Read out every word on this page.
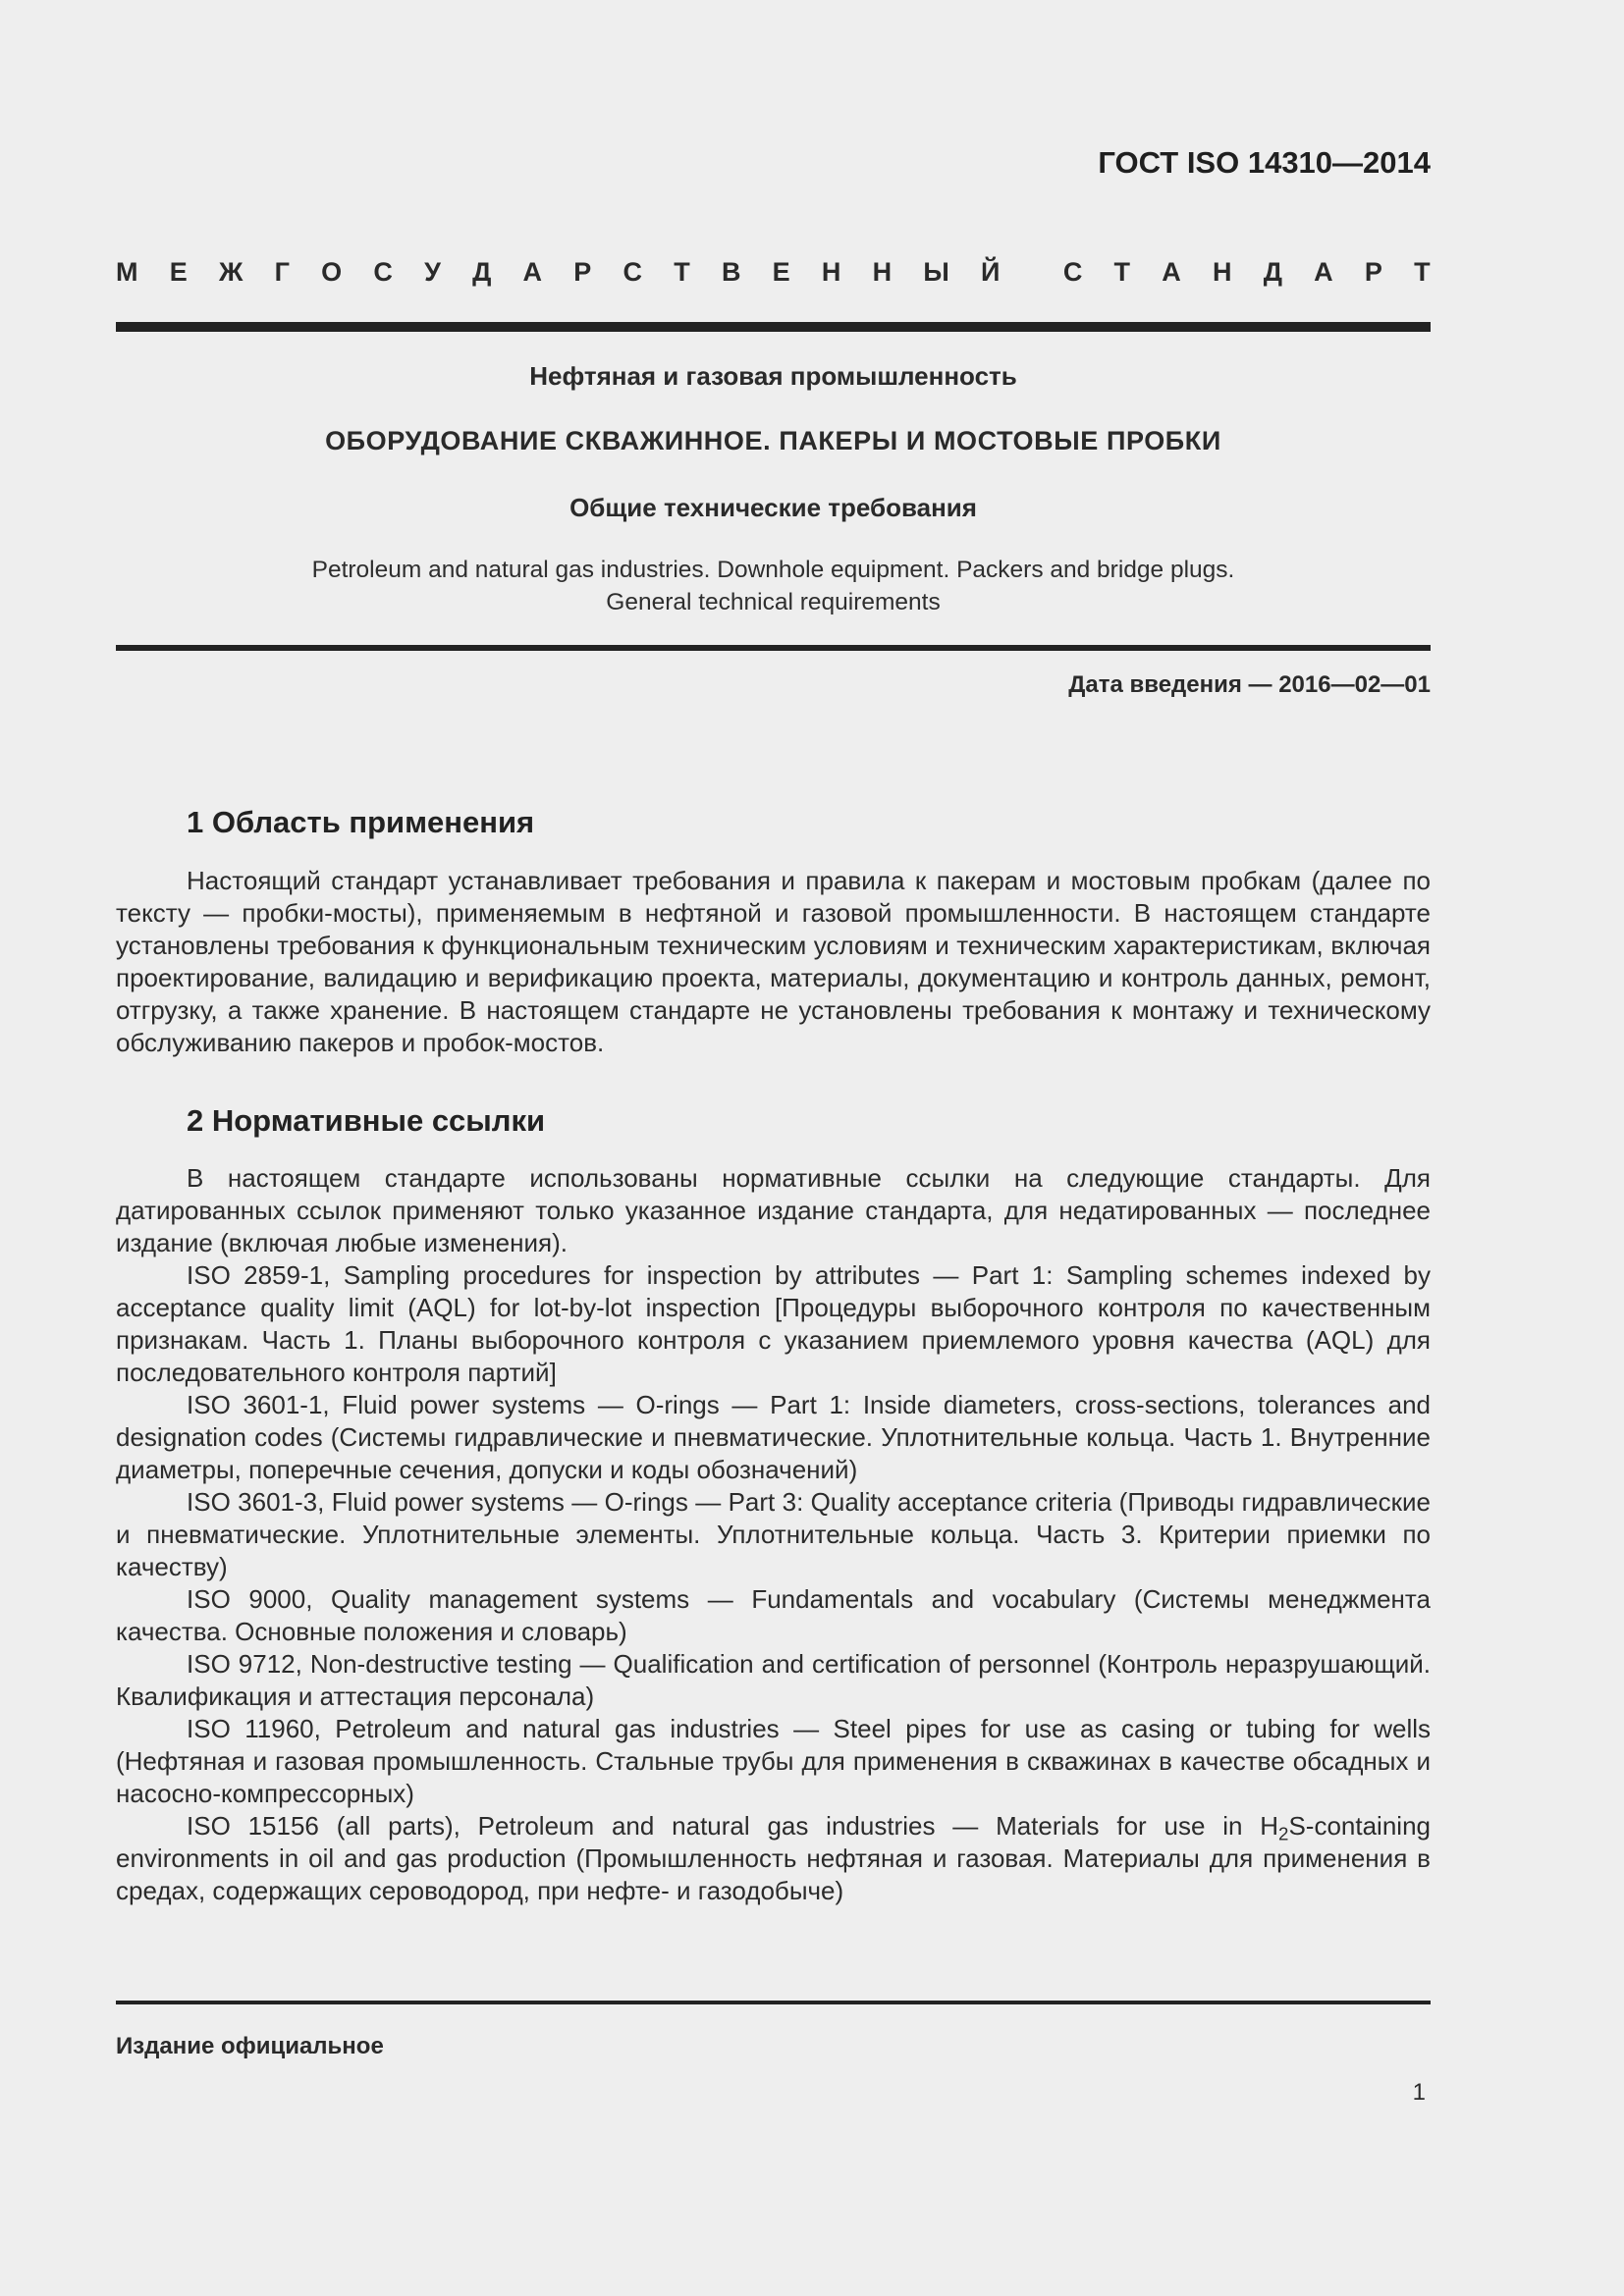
ГОСТ ISO 14310—2014
М Е Ж Г О С У Д А Р С Т В Е Н Н Ы Й С Т А Н Д А Р Т
Нефтяная и газовая промышленность
ОБОРУДОВАНИЕ СКВАЖИННОЕ. ПАКЕРЫ И МОСТОВЫЕ ПРОБКИ
Общие технические требования
Petroleum and natural gas industries. Downhole equipment. Packers and bridge plugs.
General technical requirements
Дата введения — 2016—02—01
1 Область применения

Настоящий стандарт устанавливает требования и правила к пакерам и мостовым пробкам (далее по тексту — пробки-мосты), применяемым в нефтяной и газовой промышленности. В настоящем стандарте установлены требования к функциональным техническим условиям и техническим характеристикам, включая проектирование, валидацию и верификацию проекта, материалы, документацию и контроль данных, ремонт, отгрузку, а также хранение. В настоящем стандарте не установлены требования к монтажу и техническому обслуживанию пакеров и пробок-мостов.

2 Нормативные ссылки

В настоящем стандарте использованы нормативные ссылки на следующие стандарты. Для датированных ссылок применяют только указанное издание стандарта, для недатированных — последнее издание (включая любые изменения).

ISO 2859-1, Sampling procedures for inspection by attributes — Part 1: Sampling schemes indexed by acceptance quality limit (AQL) for lot-by-lot inspection [Процедуры выборочного контроля по качественным признакам. Часть 1. Планы выборочного контроля с указанием приемлемого уровня качества (AQL) для последовательного контроля партий]

ISO 3601-1, Fluid power systems — O-rings — Part 1: Inside diameters, cross-sections, tolerances and designation codes (Системы гидравлические и пневматические. Уплотнительные кольца. Часть 1. Внутренние диаметры, поперечные сечения, допуски и коды обозначений)

ISO 3601-3, Fluid power systems — O-rings — Part 3: Quality acceptance criteria (Приводы гидравлические и пневматические. Уплотнительные элементы. Уплотнительные кольца. Часть 3. Критерии приемки по качеству)

ISO 9000, Quality management systems — Fundamentals and vocabulary (Системы менеджмента качества. Основные положения и словарь)

ISO 9712, Non-destructive testing — Qualification and certification of personnel (Контроль неразрушающий. Квалификация и аттестация персонала)

ISO 11960, Petroleum and natural gas industries — Steel pipes for use as casing or tubing for wells (Нефтяная и газовая промышленность. Стальные трубы для применения в скважинах в качестве обсадных и насосно-компрессорных)

ISO 15156 (all parts), Petroleum and natural gas industries — Materials for use in $H_2S$-containing environments in oil and gas production (Промышленность нефтяная и газовая. Материалы для применения в средах, содержащих сероводород, при нефте- и газодобыче)

Издание официальное
1
